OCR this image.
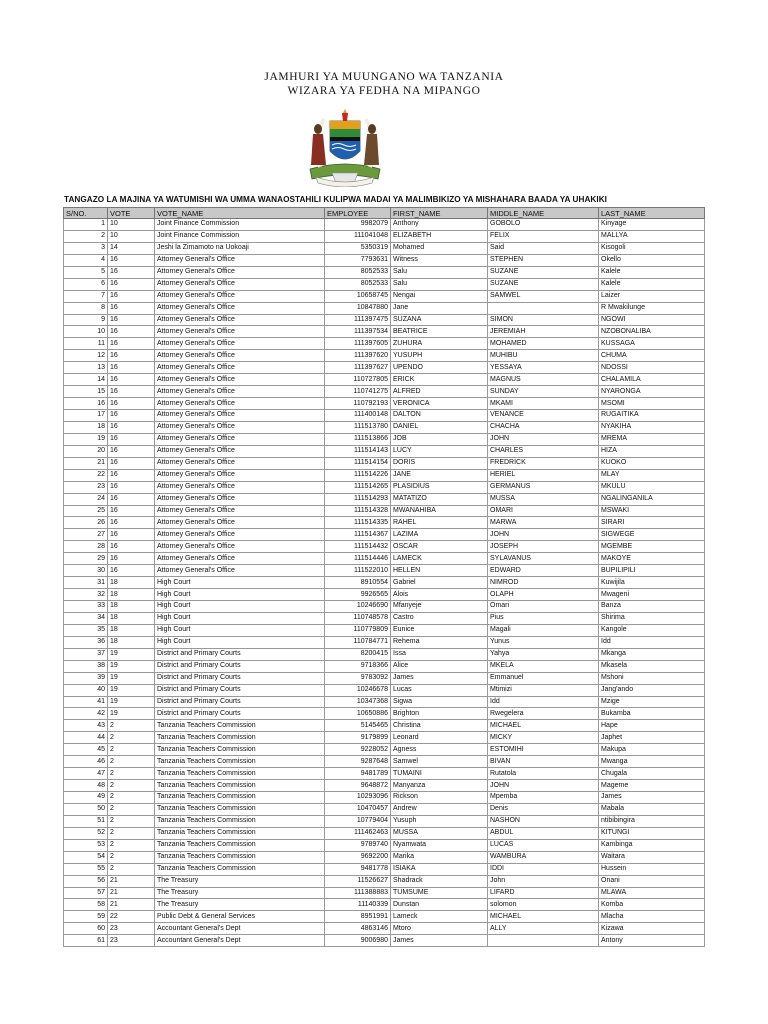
JAMHURI YA MUUNGANO WA TANZANIA
WIZARA YA FEDHA NA MIPANGO
TANGAZO LA MAJINA YA WATUMISHI WA UMMA WANAOSTAHILI KULIPWA MADAI YA MALIMBIKIZO YA MISHAHARA BAADA YA UHAKIKI
S/NO.	VOTE	VOTE_NAME	EMPLOYEE	FIRST_NAME	MIDDLE_NAME	LAST_NAME
1	10	Joint Finance Commission	9982079	Anthony	GOBOLO	Kinyage
2	10	Joint Finance Commission	111041048	ELIZABETH	FELIX	MALLYA
3	14	Jeshi la Zimamoto na Uokoaji	5350319	Mohamed	Said	Kisogoli
4	16	Attorney General's Office	7793631	Witness	STEPHEN	Okello
5	16	Attorney General's Office	8052533	Salu	SUZANE	Kalele
6	16	Attorney General's Office	8052533	Salu	SUZANE	Kalele
7	16	Attorney General's Office	10658745	Nengai	SAMWEL	Laizer
8	16	Attorney General's Office	10847880	Jane		R Mwakilunge
9	16	Attorney General's Office	111397475	SUZANA	SIMON	NGOWI
10	16	Attorney General's Office	111397534	BEATRICE	JEREMIAH	NZOBONALIBA
11	16	Attorney General's Office	111397605	ZUHURA	MOHAMED	KUSSAGA
12	16	Attorney General's Office	111397620	YUSUPH	MUHIBU	CHUMA
13	16	Attorney General's Office	111397627	UPENDO	YESSAYA	NDOSSI
14	16	Attorney General's Office	110727805	ERICK	MAGNUS	CHALAMILA
15	16	Attorney General's Office	110741275	ALFRED	SUNDAY	NYARONGA
16	16	Attorney General's Office	110792193	VERONICA	MKAMI	MSOMI
17	16	Attorney General's Office	111400148	DALTON	VENANCE	RUGAITIKA
18	16	Attorney General's Office	111513780	DANIEL	CHACHA	NYAKIHA
19	16	Attorney General's Office	111513866	JOB	JOHN	MREMA
20	16	Attorney General's Office	111514143	LUCY	CHARLES	HIZA
21	16	Attorney General's Office	111514154	DORIS	FREDRICK	KUOKO
22	16	Attorney General's Office	111514226	JANE	HERIEL	MLAY
23	16	Attorney General's Office	111514265	PLASIDIUS	GERMANUS	MKULU
24	16	Attorney General's Office	111514293	MATATIZO	MUSSA	NGALINGANILA
25	16	Attorney General's Office	111514328	MWANAHIBA	OMARI	MSWAKI
26	16	Attorney General's Office	111514335	RAHEL	MARWA	SIRARI
27	16	Attorney General's Office	111514367	LAZIMA	JOHN	SIGWEGE
28	16	Attorney General's Office	111514432	OSCAR	JOSEPH	MGEMBE
29	16	Attorney General's Office	111514446	LAMECK	SYLAVANUS	MAKOYE
30	16	Attorney General's Office	111522010	HELLEN	EDWARD	BUPILIPILI
31	18	High Court	8910554	Gabriel	NIMROD	Kuwijila
32	18	High Court	9926565	Alois	OLAPH	Mwageni
33	18	High Court	10246690	Mfanyeje	Omari	Banza
34	18	High Court	110748578	Castro	Pius	Shirima
35	18	High Court	110779809	Eunice	Magali	Kangole
36	18	High Court	110784771	Rehema	Yunus	Idd
37	19	District and Primary Courts	8200415	Issa	Yahya	Mkanga
38	19	District and Primary Courts	9718366	Alice	MKELA	Mkasela
39	19	District and Primary Courts	9783092	James	Emmanuel	Mshoni
40	19	District and Primary Courts	10246678	Lucas	Mtimizi	Jang'ando
41	19	District and Primary Courts	10347368	Sigwa	Idd	Mzige
42	19	District and Primary Courts	10650886	Brighton	Rwegelera	Bukamba
43	2	Tanzania Teachers Commission	5145465	Christina	MICHAEL	Hape
44	2	Tanzania Teachers Commission	9179899	Leonard	MICKY	Japhet
45	2	Tanzania Teachers Commission	9228052	Agness	ESTOMIHI	Makupa
46	2	Tanzania Teachers Commission	9287648	Samwel	BIVAN	Mwanga
47	2	Tanzania Teachers Commission	9481789	TUMAINI	Rutatola	Chugala
48	2	Tanzania Teachers Commission	9648872	Manyanza	JOHN	Mageme
49	2	Tanzania Teachers Commission	10293096	Rickson	Mpemba	James
50	2	Tanzania Teachers Commission	10470457	Andrew	Denis	Mabala
51	2	Tanzania Teachers Commission	10779404	Yusuph	NASHON	ntibibingira
52	2	Tanzania Teachers Commission	111462463	MUSSA	ABDUL	KITUNGI
53	2	Tanzania Teachers Commission	9789740	Nyamwata	LUCAS	Kambinga
54	2	Tanzania Teachers Commission	9692200	Marika	WAMBURA	Waitara
55	2	Tanzania Teachers Commission	9481778	ISIAKA	IDDI	Hussein
56	21	The Treasury	11526627	Shadrack	John	Onani
57	21	The Treasury	111388883	TUMSUME	LIFARD	MLAWA
58	21	The Treasury	11140339	Dunstan	solomon	Komba
59	22	Public Debt & General Services	8951991	Lameck	MICHAEL	Mlacha
60	23	Accountant General's Dept	4863146	Mtoro	ALLY	Kizawa
61	23	Accountant General's Dept	9006980	James		Antony
